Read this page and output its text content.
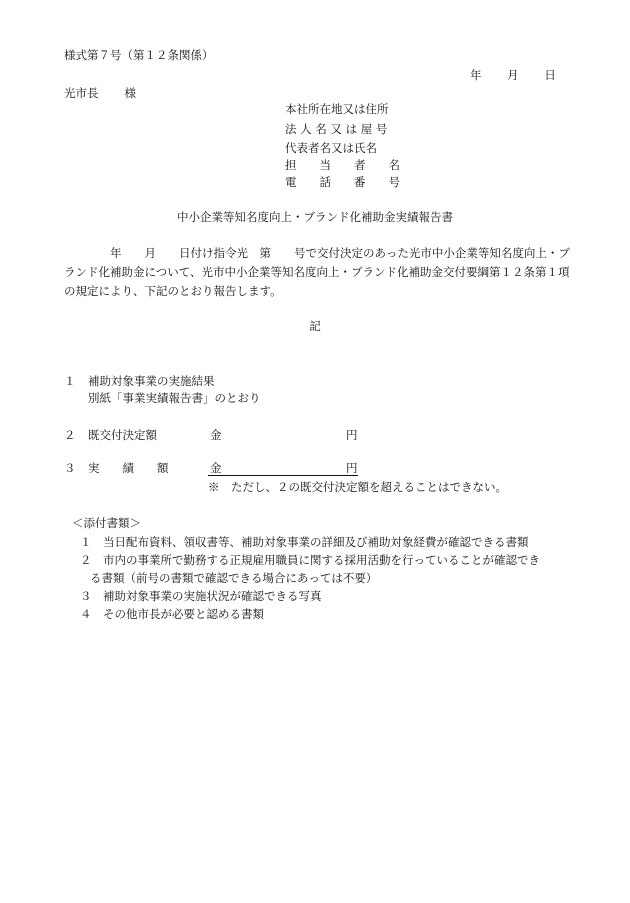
様式第７号（第１２条関係）
年 月 日
光市長 様
本社所在地又は住所
法 人 名 又 は 屋 号
代表者名又は氏名
担　　当　　者　　名
電　　話　　番　　号
中小企業等知名度向上・ブランド化補助金実績報告書

　　　　年　　月　　日付け指令光　第　　号で交付決定のあった光市中小企業等知名度向上・ブランド化補助金について、光市中小企業等知名度向上・ブランド化補助金交付要綱第１２条第１項の規定により、下記のとおり報告します。

記
１ 補助対象事業の実施結果
別紙「事業実績報告書」のとおり
２ 既交付決定額	金	円
３ 実　　績　　額	金	円
※　ただし、２の既交付決定額を超えることはできない。
＜添付書類＞
１　 当日配布資料、領収書等、補助対象事業の詳細及び補助対象経費が確認できる書類
２　 市内の事業所で勤務する正規雇用職員に関する採用活動を行っていることが確認でき
る書類（前号の書類で確認できる場合にあっては不要）
３　 補助対象事業の実施状況が確認できる写真
４　 その他市長が必要と認める書類
